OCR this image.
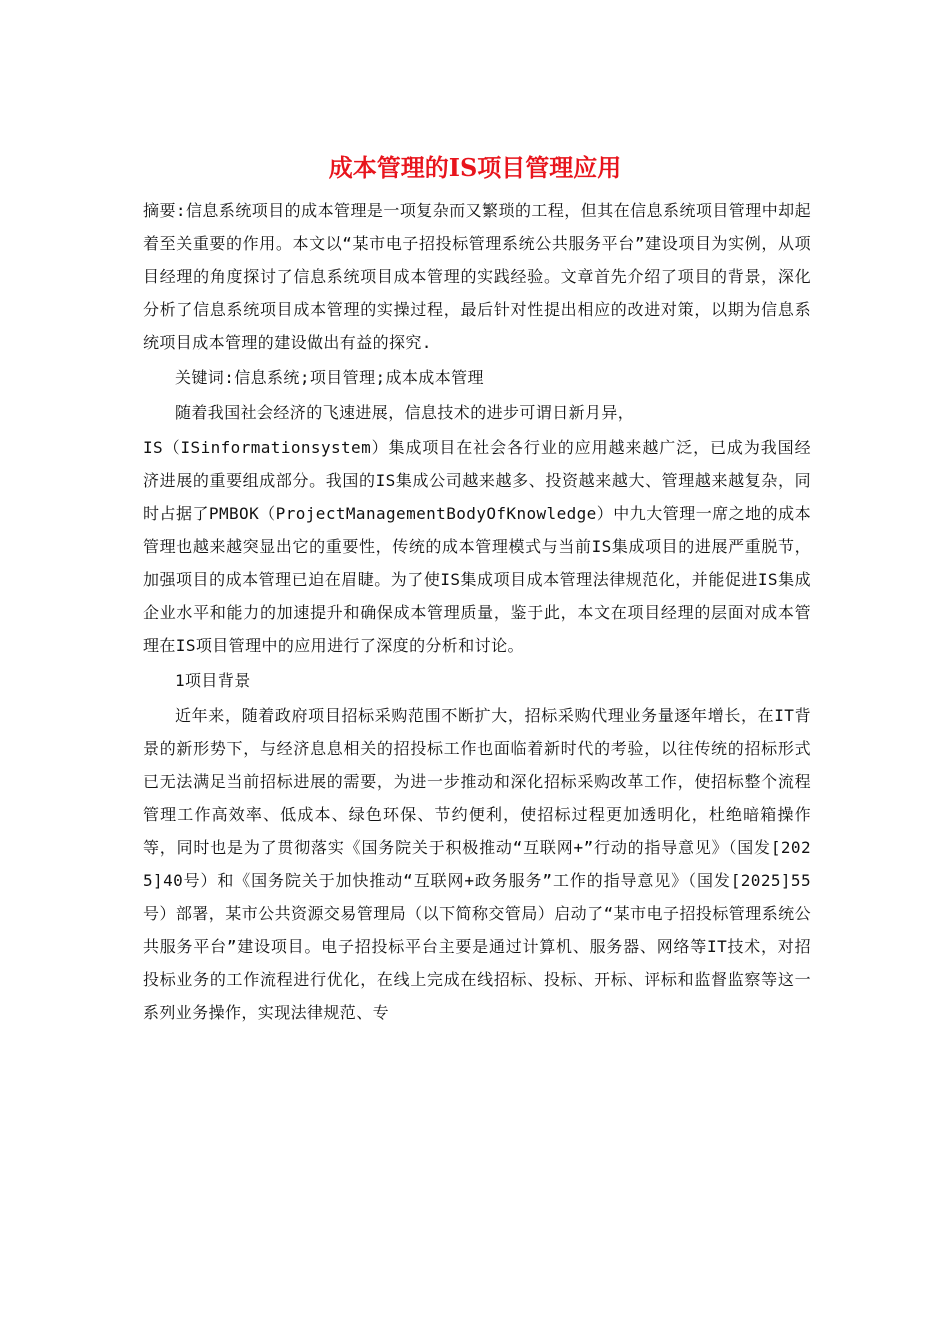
成本管理的IS项目管理应用

摘要:信息系统项目的成本管理是一项复杂而又繁琐的工程，但其在信息系统项目管理中却起着至关重要的作用。本文以“某市电子招投标管理系统公共服务平台”建设项目为实例，从项目经理的角度探讨了信息系统项目成本管理的实践经验。文章首先介绍了项目的背景，深化分析了信息系统项目成本管理的实操过程，最后针对性提出相应的改进对策，以期为信息系统项目成本管理的建设做出有益的探究.

关键词:信息系统;项目管理;成本成本管理

随着我国社会经济的飞速进展，信息技术的进步可谓日新月异，

IS（ISinformationsystem）集成项目在社会各行业的应用越来越广泛，已成为我国经济进展的重要组成部分。我国的IS集成公司越来越多、投资越来越大、管理越来越复杂，同时占据了PMBOK（ProjectManagementBodyOfKnowledge）中九大管理一席之地的成本管理也越来越突显出它的重要性，传统的成本管理模式与当前IS集成项目的进展严重脱节，加强项目的成本管理已迫在眉睫。为了使IS集成项目成本管理法律规范化，并能促进IS集成企业水平和能力的加速提升和确保成本管理质量，鉴于此，本文在项目经理的层面对成本管理在IS项目管理中的应用进行了深度的分析和讨论。

1项目背景

近年来，随着政府项目招标采购范围不断扩大，招标采购代理业务量逐年增长，在IT背景的新形势下，与经济息息相关的招投标工作也面临着新时代的考验，以往传统的招标形式已无法满足当前招标进展的需要，为进一步推动和深化招标采购改革工作，使招标整个流程管理工作高效率、低成本、绿色环保、节约便利，使招标过程更加透明化，杜绝暗箱操作等，同时也是为了贯彻落实《国务院关于积极推动“互联网+”行动的指导意见》（国发[2025]40号）和《国务院关于加快推动“互联网+政务服务”工作的指导意见》（国发[2025]55号）部署，某市公共资源交易管理局（以下简称交管局）启动了“某市电子招投标管理系统公共服务平台”建设项目。电子招投标平台主要是通过计算机、服务器、网络等IT技术，对招投标业务的工作流程进行优化，在线上完成在线招标、投标、开标、评标和监督监察等这一系列业务操作，实现法律规范、专
